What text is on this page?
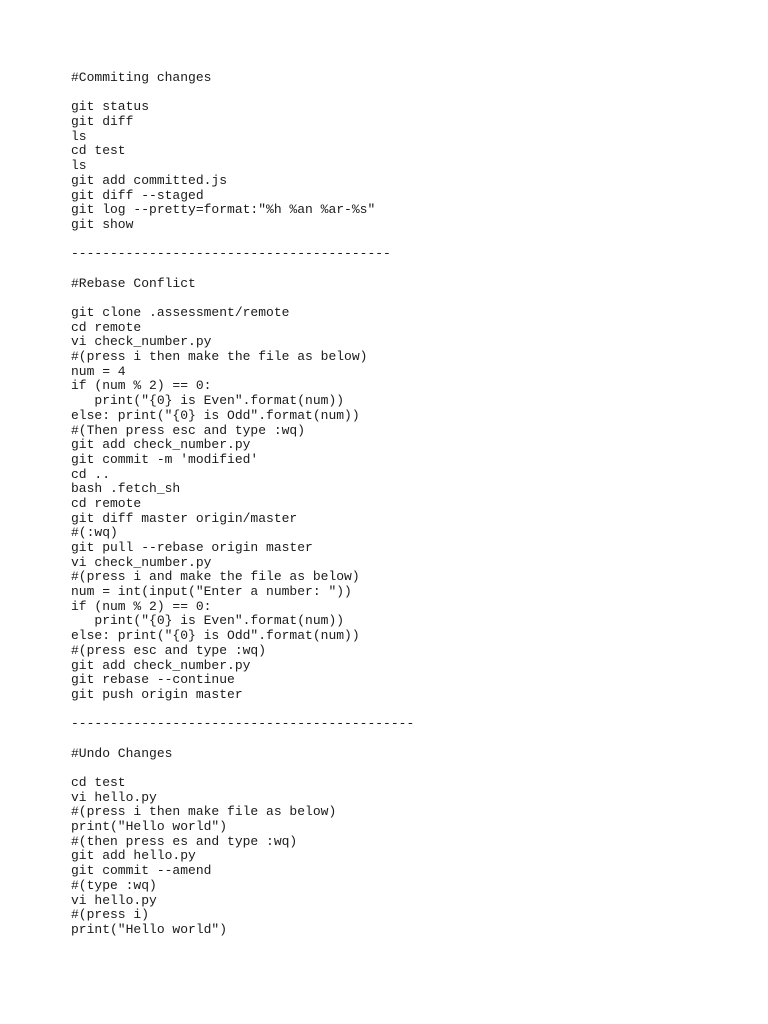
#Commiting changes
git status
git diff
ls
cd test
ls
git add committed.js
git diff --staged
git log --pretty=format:"%h %an %ar-%s"
git show
-----------------------------------------
#Rebase Conflict
git clone .assessment/remote
cd remote
vi check_number.py
#(press i then make the file as below)
num = 4
if (num % 2) == 0:
print("{0} is Even".format(num))
else: print("{0} is Odd".format(num))
#(Then press esc and type :wq)
git add check_number.py
git commit -m 'modified'
cd ..
bash .fetch_sh
cd remote
git diff master origin/master
#(:wq)
git pull --rebase origin master
vi check_number.py
#(press i and make the file as below)
num = int(input("Enter a number: "))
if (num % 2) == 0:
print("{0} is Even".format(num))
else: print("{0} is Odd".format(num))
#(press esc and type :wq)
git add check_number.py
git rebase --continue
git push origin master
--------------------------------------------
#Undo Changes
cd test
vi hello.py
#(press i then make file as below)
print("Hello world")
#(then press es and type :wq)
git add hello.py
git commit --amend
#(type :wq)
vi hello.py
#(press i)
print("Hello world")
